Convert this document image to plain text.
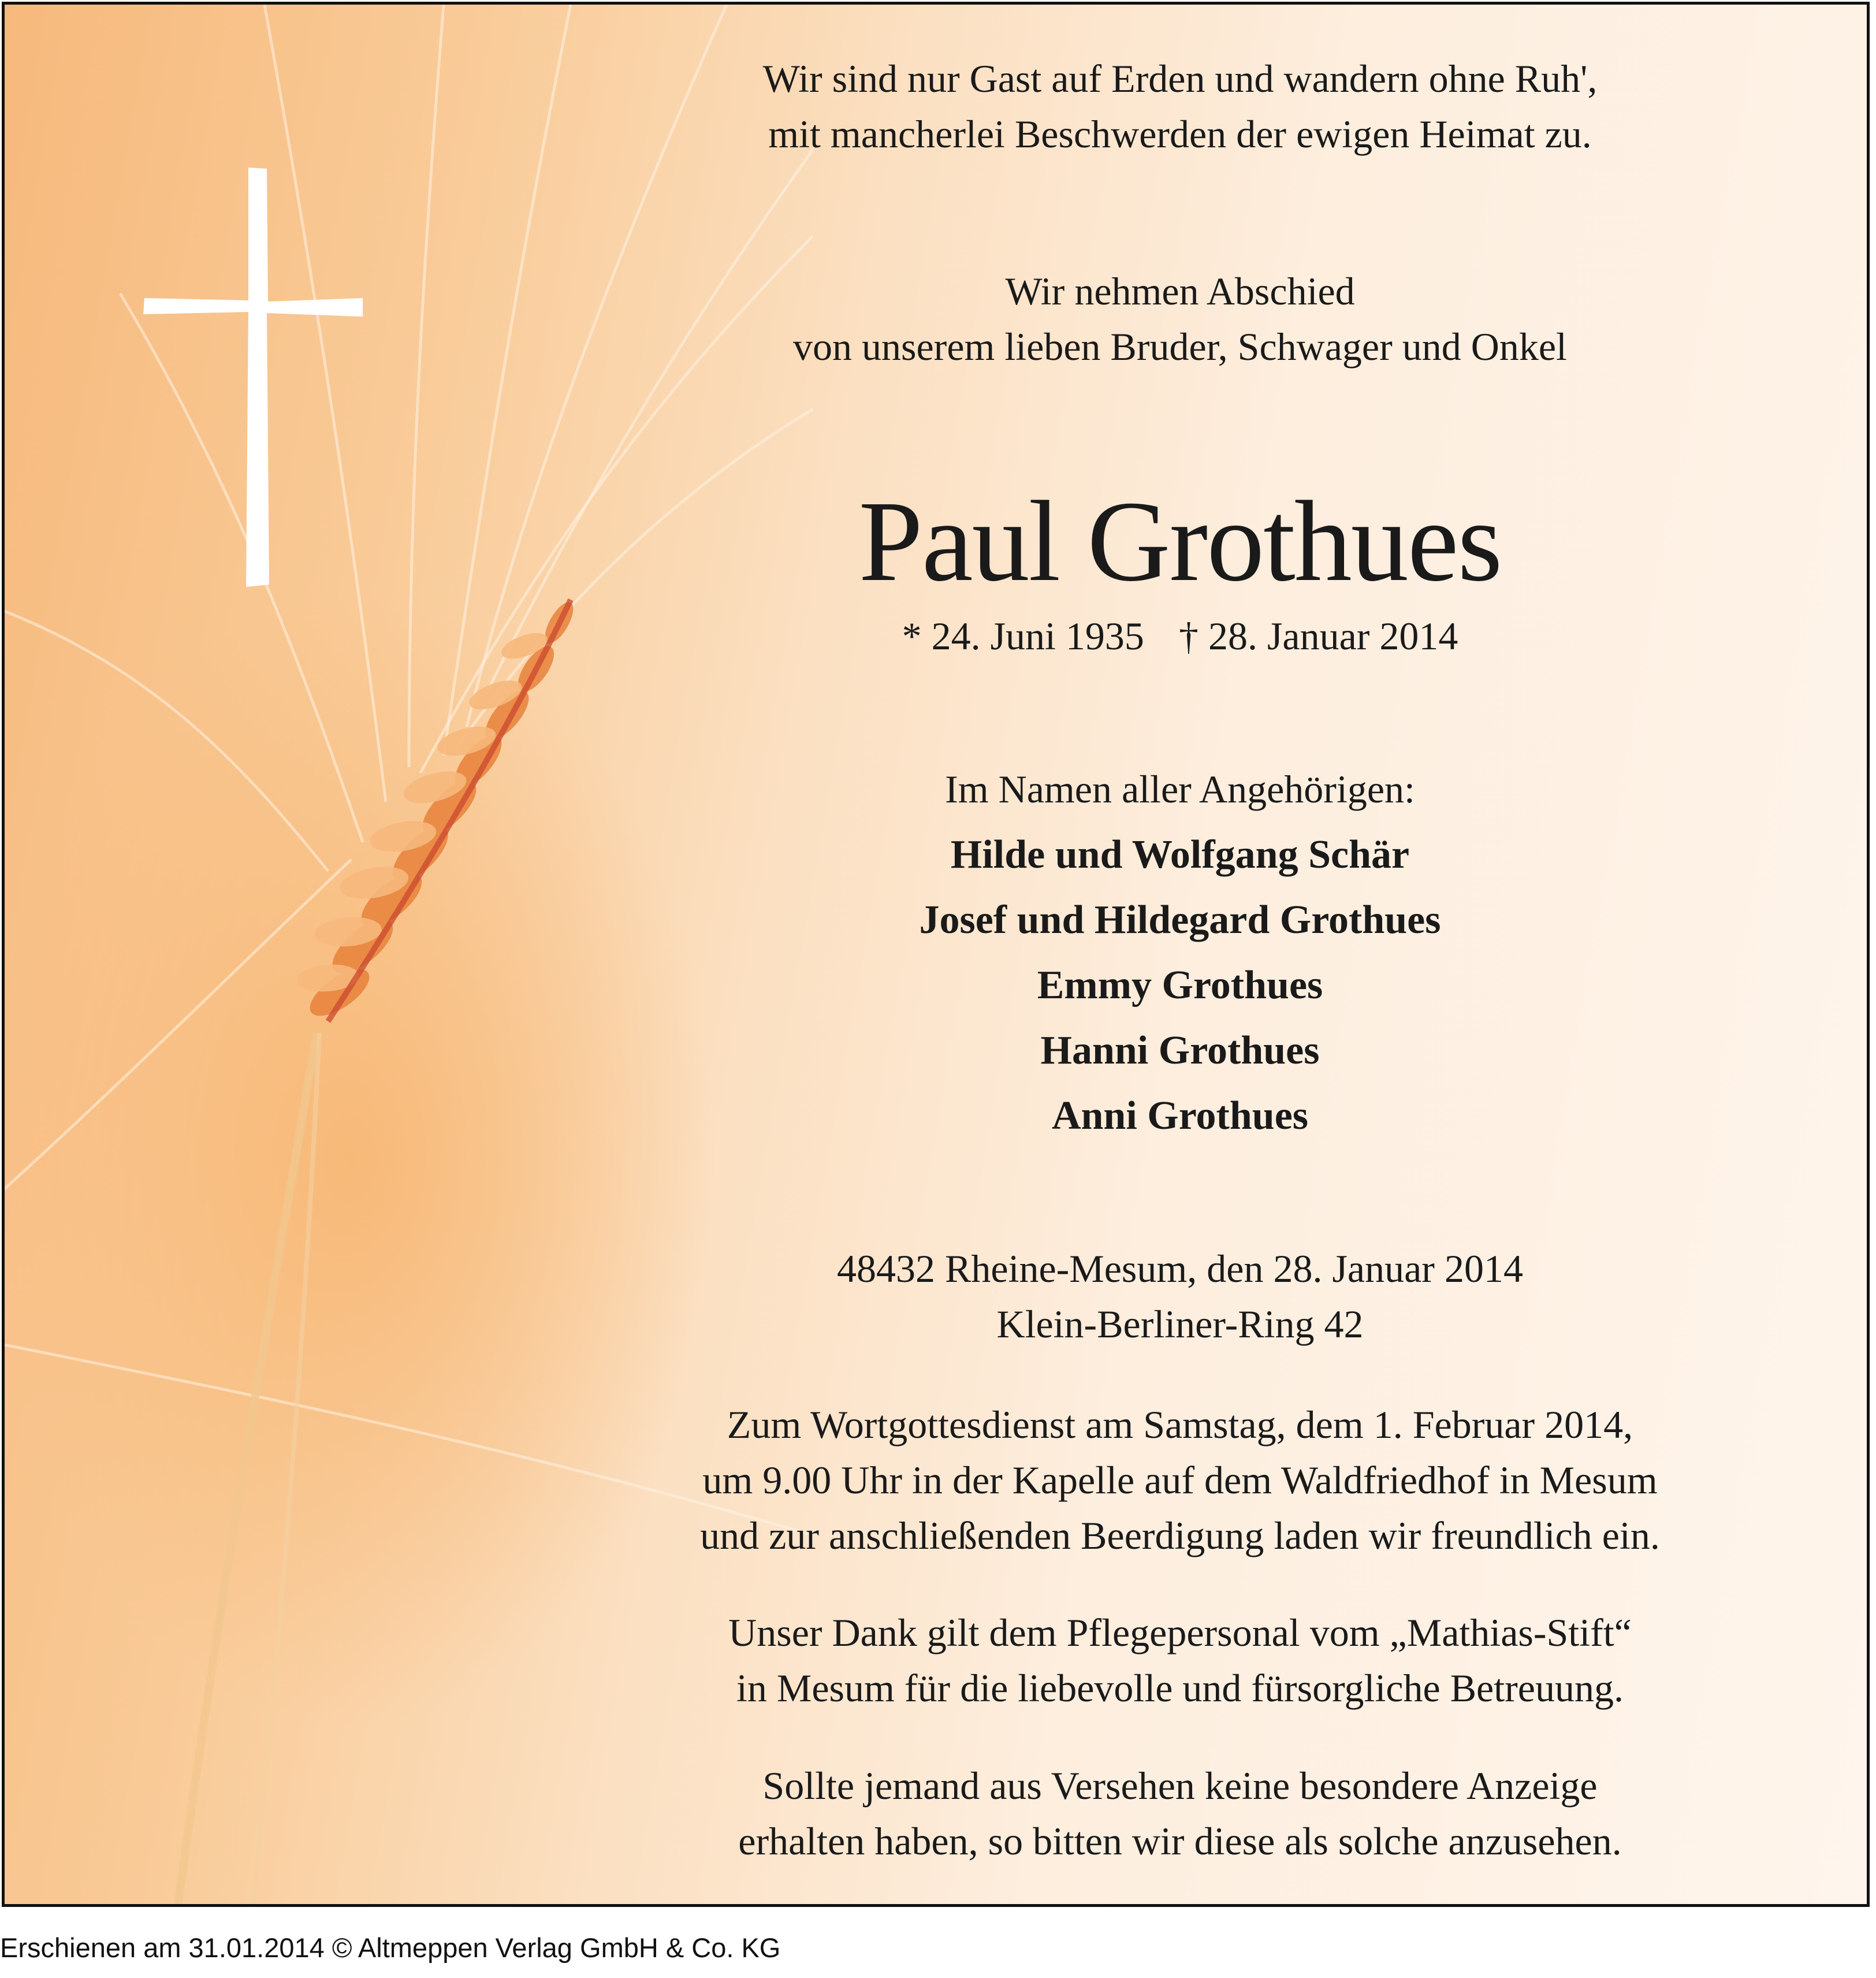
Wir sind nur Gast auf Erden und wandern ohne Ruh',
mit mancherlei Beschwerden der ewigen Heimat zu.
Wir nehmen Abschied
von unserem lieben Bruder, Schwager und Onkel
Paul Grothues
* 24. Juni 1935 † 28. Januar 2014
Im Namen aller Angehörigen:
Hilde und Wolfgang Schär
Josef und Hildegard Grothues
Emmy Grothues
Hanni Grothues
Anni Grothues
48432 Rheine-Mesum, den 28. Januar 2014
Klein-Berliner-Ring 42
Zum Wortgottesdienst am Samstag, dem 1. Februar 2014,
um 9.00 Uhr in der Kapelle auf dem Waldfriedhof in Mesum
und zur anschließenden Beerdigung laden wir freundlich ein.
Unser Dank gilt dem Pflegepersonal vom „Mathias-Stift“
in Mesum für die liebevolle und fürsorgliche Betreuung.
Sollte jemand aus Versehen keine besondere Anzeige
erhalten haben, so bitten wir diese als solche anzusehen.
Erschienen am 31.01.2014 © Altmeppen Verlag GmbH & Co. KG
